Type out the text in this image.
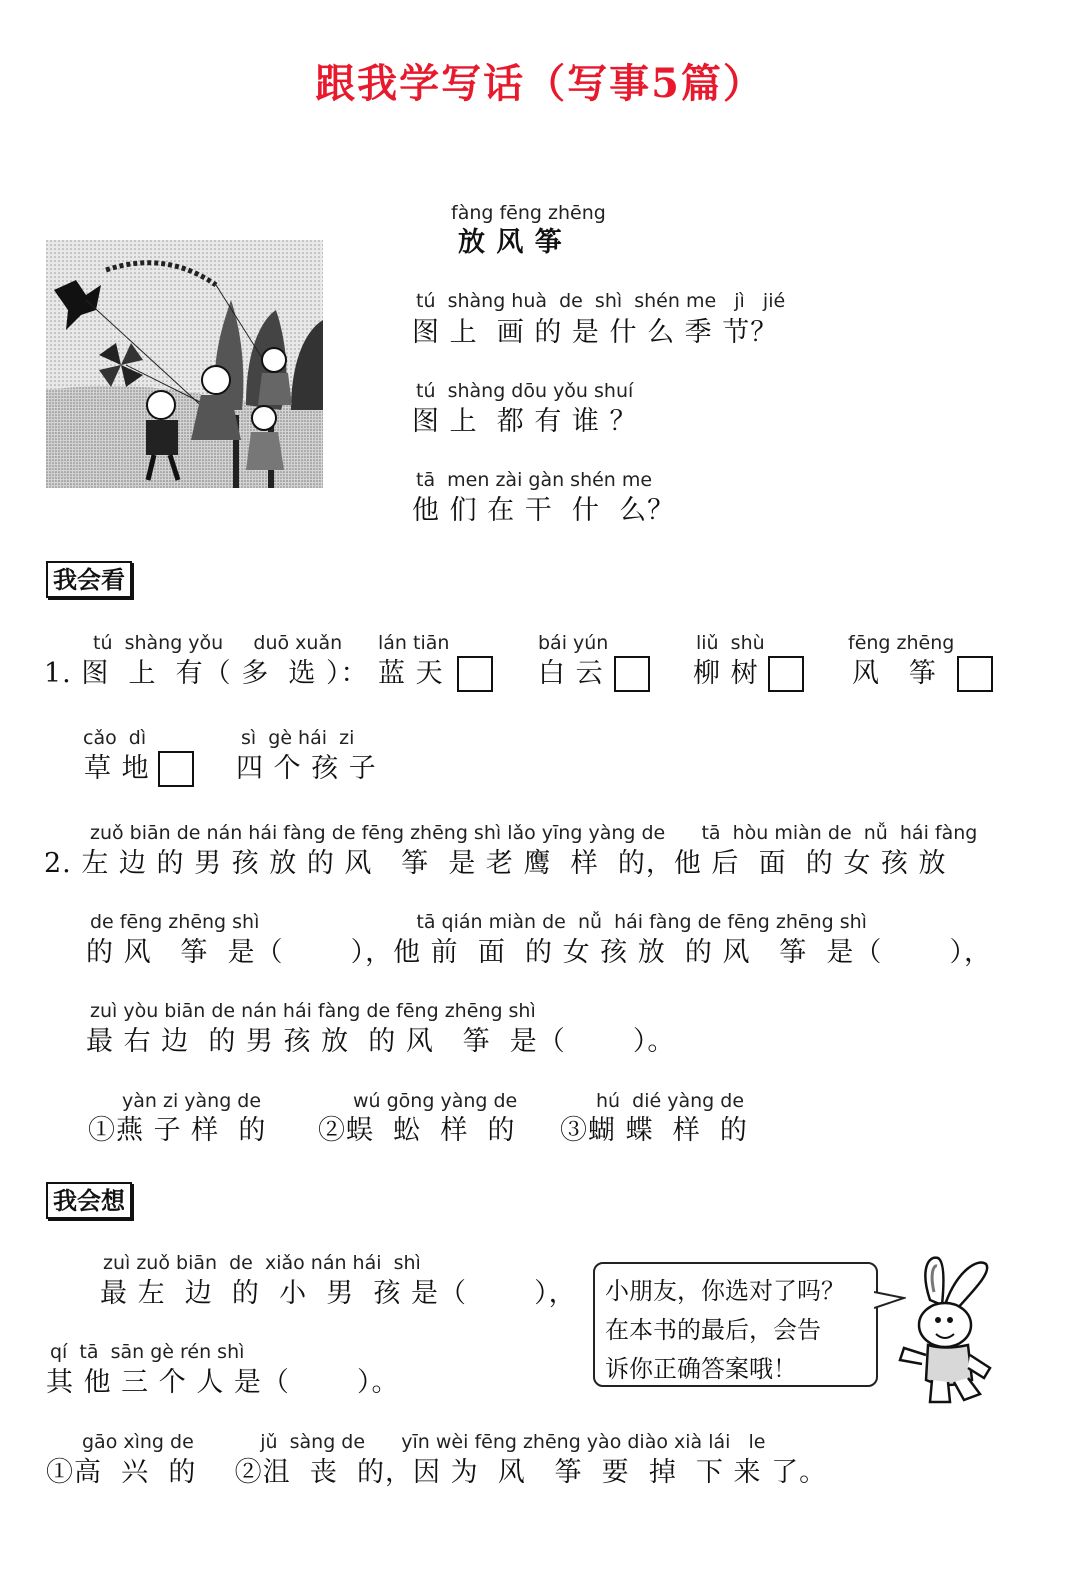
跟我学写话（写事5篇）
fàng fēng zhēng
放 风 筝
tú  shàng huà  de  shì  shén me   jì   jié
图 上  画 的 是 什 么 季 节？
tú  shàng dōu yǒu shuí
图 上  都 有 谁 ？
tā  men zài gàn shén me
他 们 在 干  什  么？
我会看
tú  shàng yǒu     duō xuǎn
1. 图  上  有（ 多  选 ）：
lán tiān
蓝 天
bái yún
白 云
liǔ  shù
柳 树
fēng zhēng
风   筝
cǎo  dì
草 地
sì  gè hái  zi
四 个 孩 子
zuǒ biān de nán hái fàng de fēng zhēng shì lǎo yīng yàng de      tā  hòu miàn de  nǚ  hái fàng
2. 左 边 的 男 孩 放 的 风   筝  是 老 鹰  样  的，他 后  面  的 女 孩 放
de fēng zhēng shì                          tā qián miàn de  nǚ  hái fàng de fēng zhēng shì
的 风   筝  是（       ），他 前  面  的 女 孩 放  的 风   筝  是（       ），
zuì yòu biān de nán hái fàng de fēng zhēng shì
最 右 边  的 男 孩 放  的 风   筝  是（       ）。
yàn zi yàng de
①燕 子 样  的
wú gōng yàng de
②蜈  蚣  样  的
hú  dié yàng de
③蝴 蝶  样  的
我会想
zuì zuǒ biān  de  xiǎo nán hái  shì
最 左  边  的  小  男  孩 是（       ），
qí  tā  sān gè rén shì
其 他 三 个 人 是（       ）。
gāo xìng de           jǔ  sàng de      yīn wèi fēng zhēng yào diào xià lái   le
①高  兴  的    ②沮  丧  的，因 为  风   筝  要  掉  下 来 了。
小朋友，你选对了吗？
在本书的最后，会告
诉你正确答案哦！
